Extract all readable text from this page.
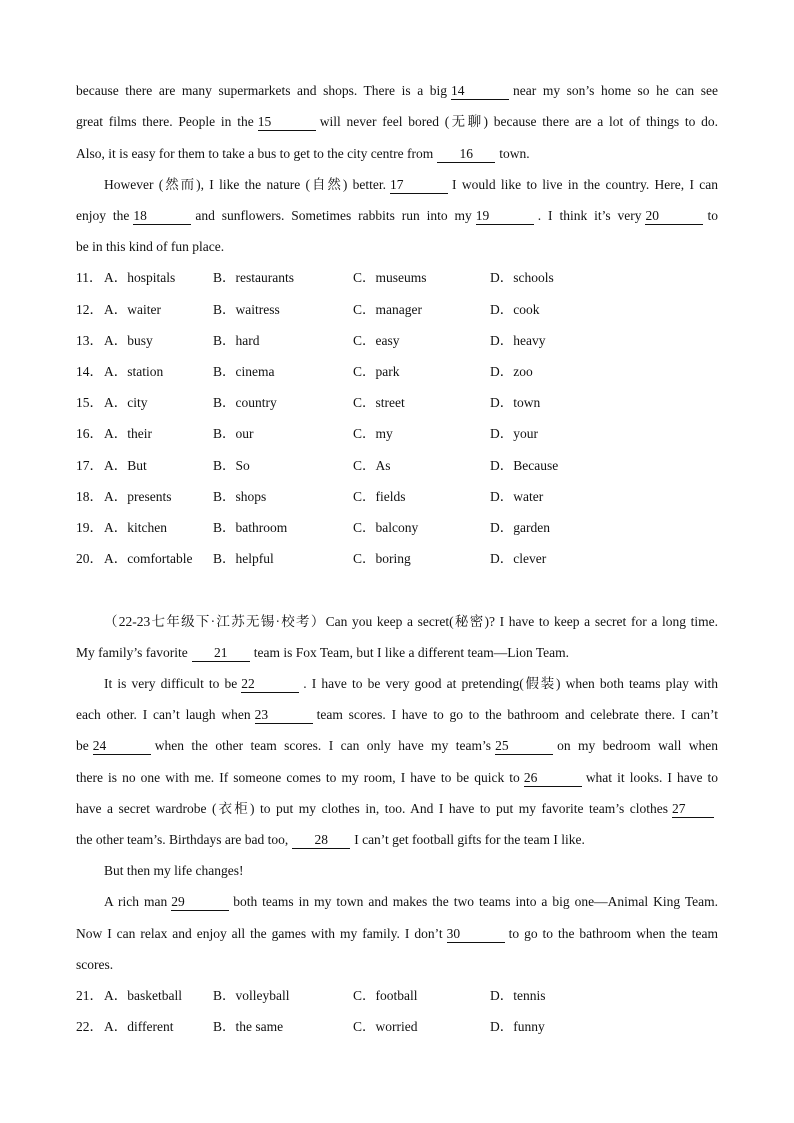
because there are many supermarkets and shops. There is a big 14	near my son’s home so he can see
great films there. People in the 15	will never feel bored (无聊) because there are a lot of things to do.
Also, it is easy for them to take a bus to get to the city centre from 16 town.
However (然而), I like the nature (自然) better. 17	I would like to live in the country. Here, I can
enjoy the 18	and sunflowers. Sometimes rabbits run into my 19	. I think it’s very 20	to
be in this kind of fun place.
11． A．hospitals	B．restaurants	C．museums	D．schools
12． A．waiter	B．waitress	C．manager	D．cook
13． A．busy	B．hard	C．easy	D．heavy
14． A．station	B．cinema	C．park	D．zoo
15． A．city	B．country	C．street	D．town
16． A．their	B．our	C．my	D．your
17． A．But	B．So	C．As	D．Because
18． A．presents	B．shops	C．fields	D．water
19． A．kitchen	B．bathroom	C．balcony	D．garden
20． A．comfortable B．helpful	C．boring	D．clever
（22-23七年级下·江苏无锡·校考）Can you keep a secret(秘密)? I have to keep a secret for a long time.
My family’s favorite 21 team is Fox Team, but I like a different team—Lion Team.
It is very difficult to be 22	. I have to be very good at pretending(假装) when both teams play with
each other. I can’t laugh when 23	team scores. I have to go to the bathroom and celebrate there. I can’t
be 24	when the other team scores. I can only have my team’s 25	on my bedroom wall when
there is no one with me. If someone comes to my room, I have to be quick to 26	what it looks. I have to
have a secret wardrobe (衣柜) to put my clothes in, too. And I have to put my favorite team’s clothes 27
the other team’s. Birthdays are bad too, 28 I can’t get football gifts for the team I like.
But then my life changes!
A rich man 29	both teams in my town and makes the two teams into a big one—Animal King Team.
Now I can relax and enjoy all the games with my family. I don’t 30	to go to the bathroom when the team
scores.
21． A．basketball B．volleyball	C．football	D．tennis
22． A．different	B．the same	C．worried	D．funny
